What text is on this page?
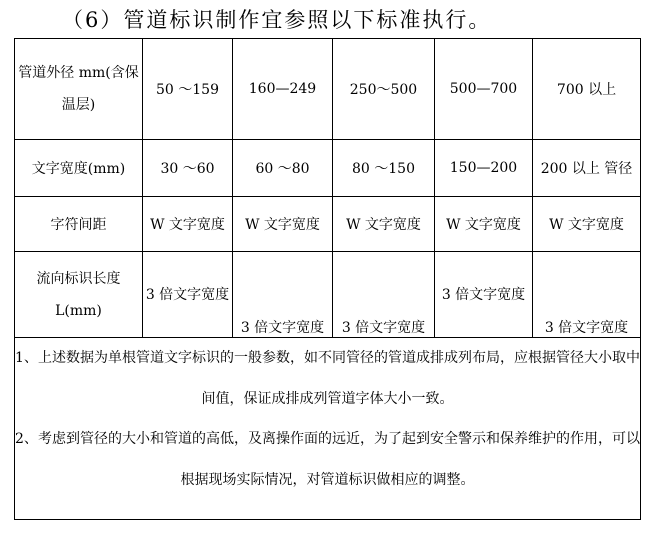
（6）管道标识制作宜参照以下标准执行。
管道外径 mm(含保温层)	50 ～159	160—249	250～500	500—700	700 以上
文字宽度(mm)	30 ～60	60 ～80	80 ～150	150—200	200 以上 管径
字符间距	W 文字宽度	W 文字宽度	W 文字宽度	W 文字宽度	W 文字宽度
流向标识长度 L(mm)	3 倍文字宽度	3 倍文字宽度	3 倍文字宽度	3 倍文字宽度	3 倍文字宽度

1、上述数据为单根管道文字标识的一般参数，如不同管径的管道成排成列布局，应根据管径大小取中间值，保证成排成列管道字体大小一致。

2、考虑到管径的大小和管道的高低，及离操作面的远近，为了起到安全警示和保养维护的作用，可以根据现场实际情况，对管道标识做相应的调整。					
